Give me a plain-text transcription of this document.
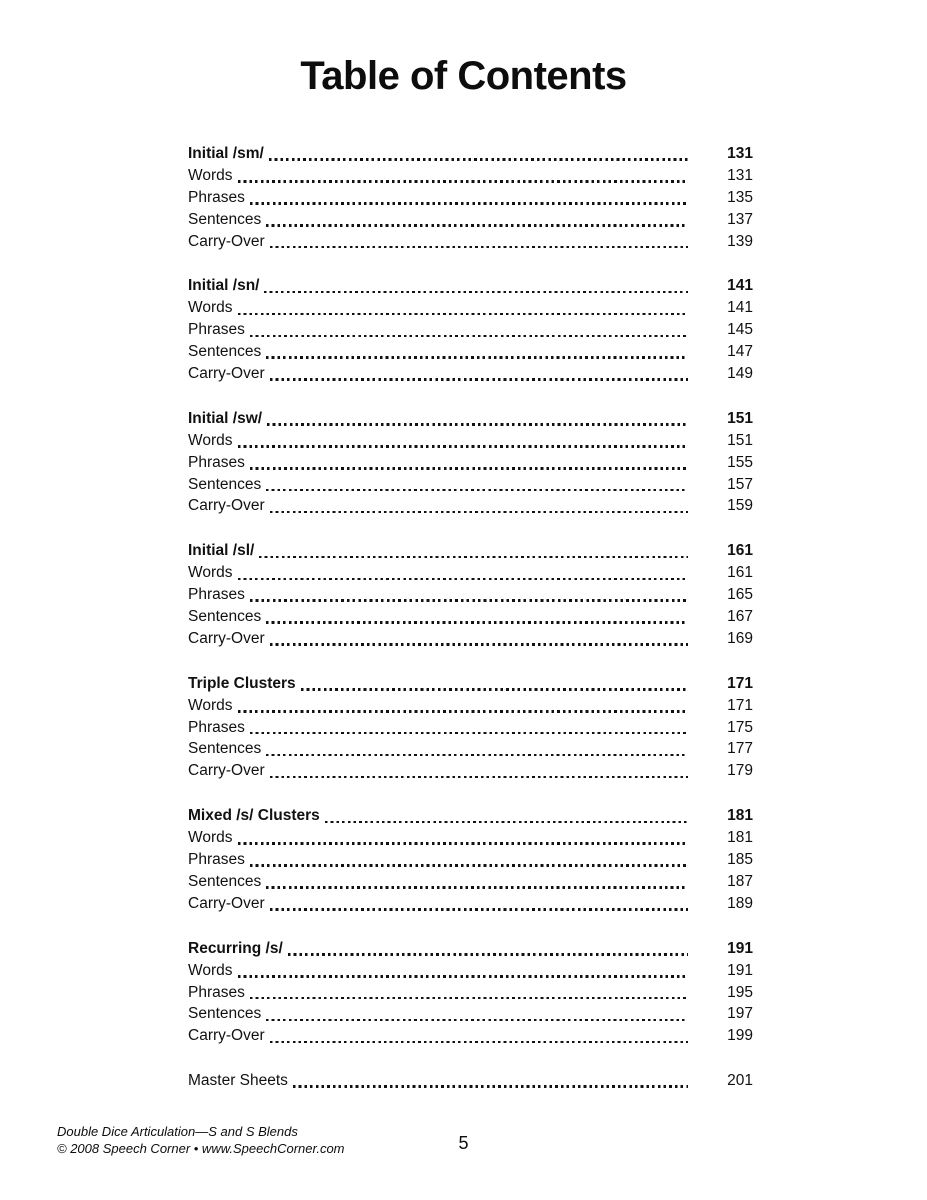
Table of Contents
Initial /sm/	131
Words	131
Phrases	135
Sentences	137
Carry-Over	139
Initial /sn/	141
Words	141
Phrases	145
Sentences	147
Carry-Over	149
Initial /sw/	151
Words	151
Phrases	155
Sentences	157
Carry-Over	159
Initial /sl/	161
Words	161
Phrases	165
Sentences	167
Carry-Over	169
Triple Clusters	171
Words	171
Phrases	175
Sentences	177
Carry-Over	179
Mixed /s/ Clusters	181
Words	181
Phrases	185
Sentences	187
Carry-Over	189
Recurring /s/	191
Words	191
Phrases	195
Sentences	197
Carry-Over	199
Master Sheets	201
Double Dice Articulation—S and S Blends
© 2008 Speech Corner • www.SpeechCorner.com	5
